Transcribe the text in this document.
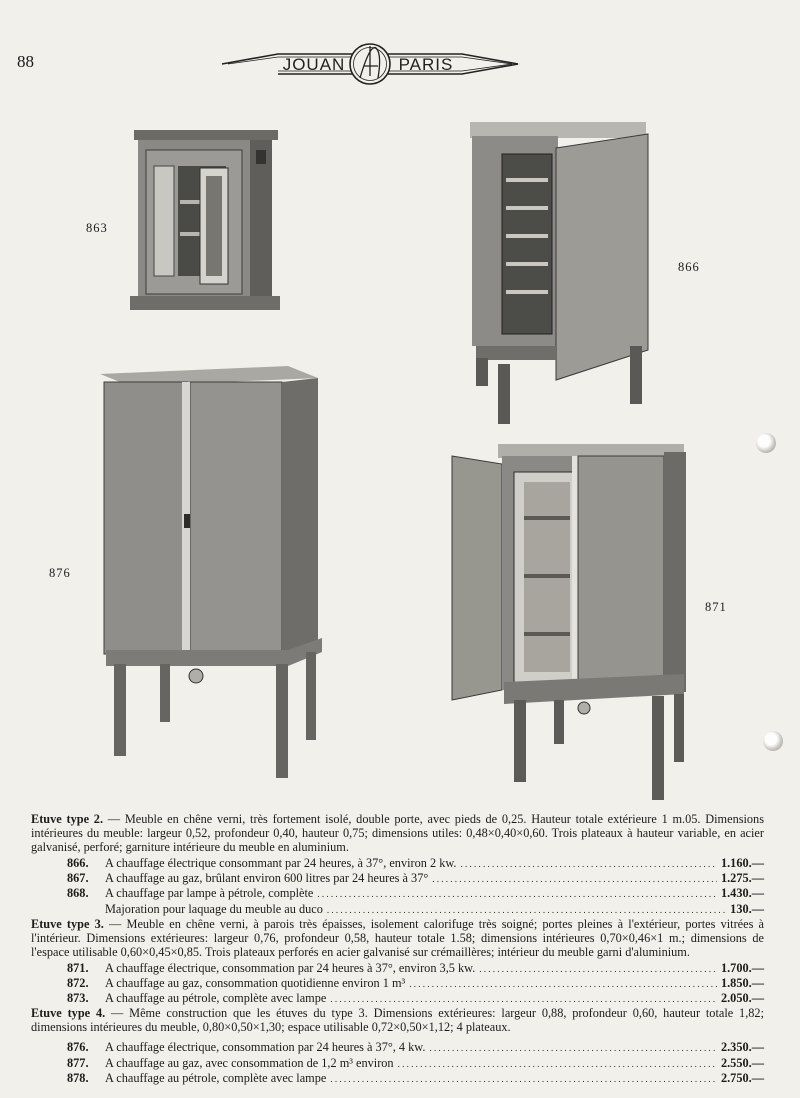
88	JOUAN	PARIS
863
866
876
871

Etuve type 2. — Meuble en chêne verni, très fortement isolé, double porte, avec pieds de 0,25. Hauteur totale extérieure 1 m.05. Dimensions intérieures du meuble: largeur 0,52, profondeur 0,40, hauteur 0,75; dimensions utiles: 0,48×0,40×0,60. Trois plateaux à hauteur variable, en acier galvanisé, perforé; garniture intérieure du meuble en aluminium.

866.	A chauffage électrique consommant par 24 heures, à 37°, environ 2 kw. . . .	1.160.—
867.	A chauffage au gaz, brûlant environ 600 litres par 24 heures à 37° . . .	1.275.—
868.	A chauffage par lampe à pétrole, complète . . .	1.430.—
Majoration pour laquage du meuble au duco . . .	130.—

Etuve type 3. — Meuble en chêne verni, à parois très épaisses, isolement calorifuge très soigné; portes pleines à l'extérieur, portes vitrées à l'intérieur. Dimensions extérieures: largeur 0,76, profondeur 0,58, hauteur totale 1.58; dimensions intérieures 0,70×0,46×1 m.; dimensions de l'espace utilisable 0,60×0,45×0,85. Trois plateaux perforés en acier galvanisé sur crémaillères; intérieur du meuble garni d'aluminium.

871.	A chauffage électrique, consommation par 24 heures à 37°, environ 3,5 kw. . . .	1.700.—
872.	A chauffage au gaz, consommation quotidienne environ 1 m³ . . .	1.850.—
873.	A chauffage au pétrole, complète avec lampe . . .	2.050.—

Etuve type 4. — Même construction que les étuves du type 3. Dimensions extérieures: largeur 0,88, profondeur 0,60, hauteur totale 1,82; dimensions intérieures du meuble, 0,80×0,50×1,30; espace utilisable 0,72×0,50×1,12; 4 plateaux.

876.	A chauffage électrique, consommation par 24 heures à 37°, 4 kw. . . .	2.350.—
877.	A chauffage au gaz, avec consommation de 1,2 m³ environ . . .	2.550.—
878.	A chauffage au pétrole, complète avec lampe . . .	2.750.—
